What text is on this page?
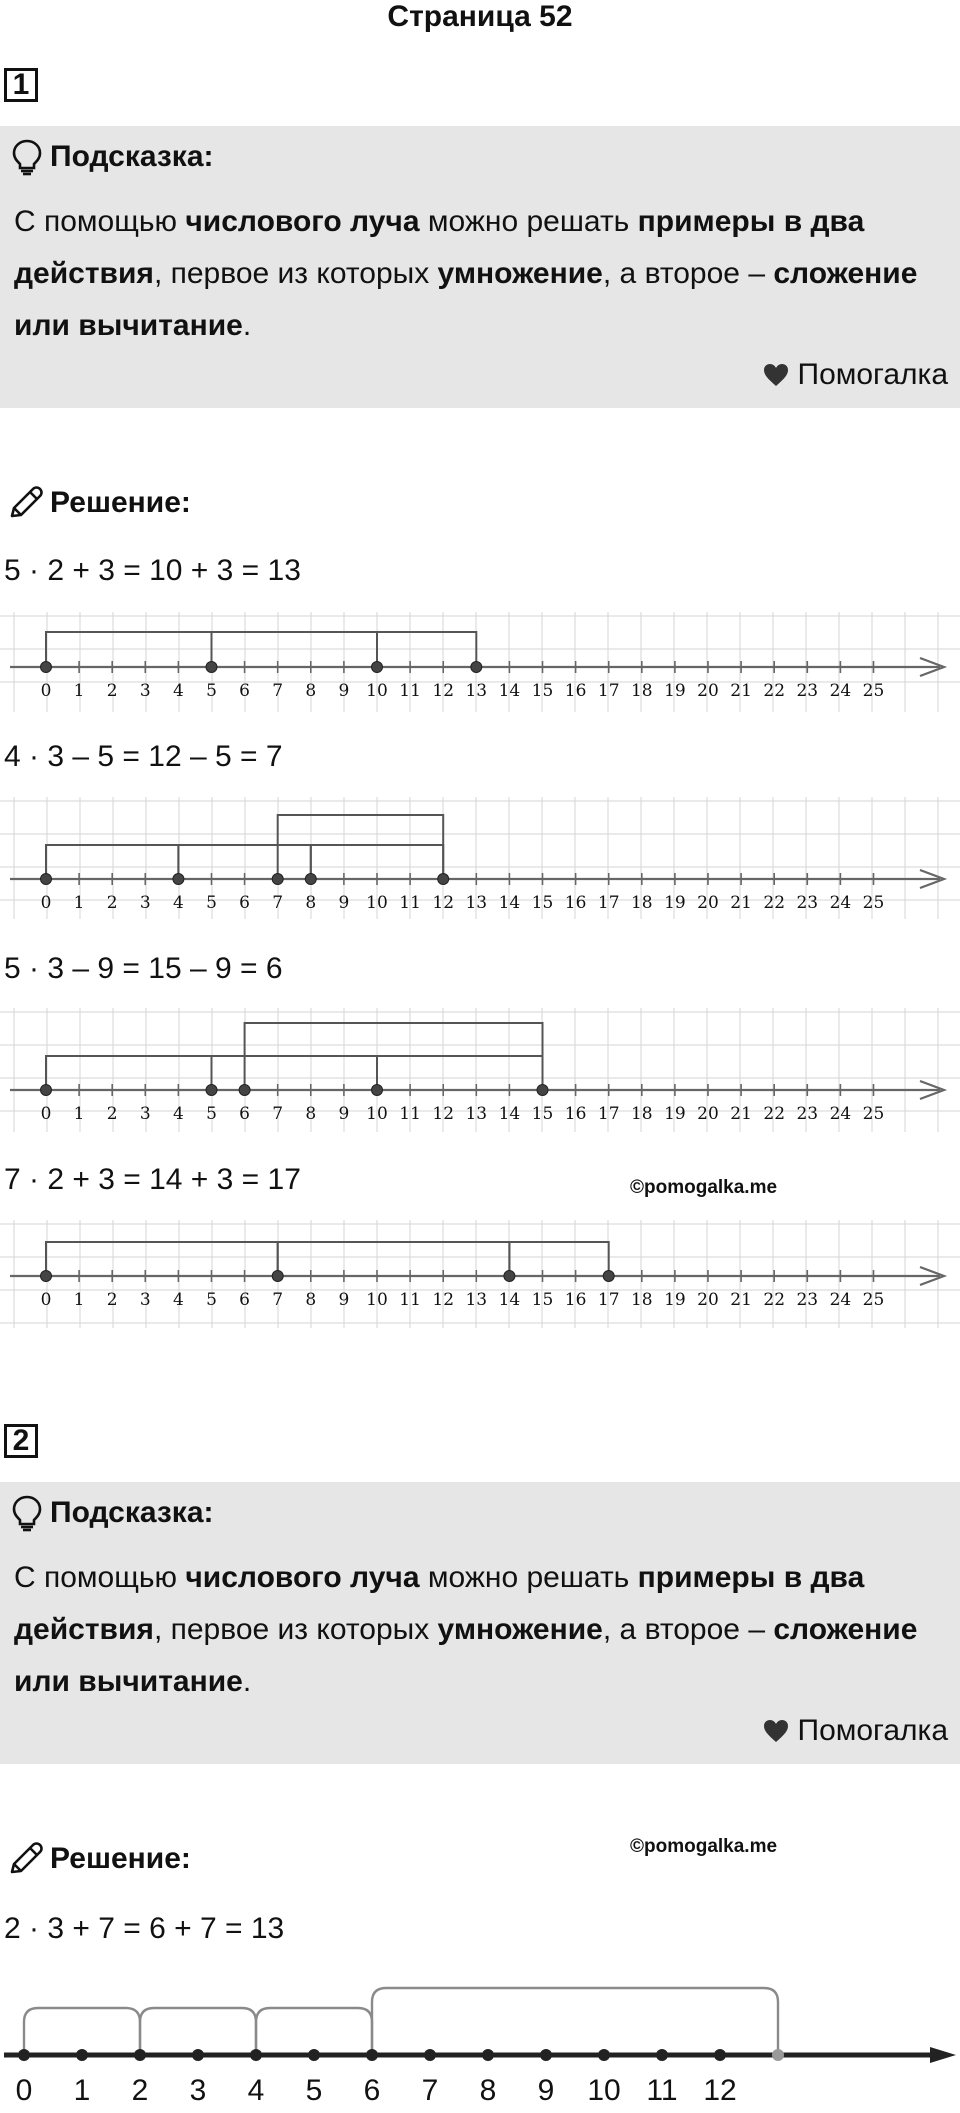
Страница 52
1
Подсказка:
С помощью числового луча можно решать примеры в два действия, первое из которых умножение, а второе – сложение или вычитание.
Помогалка
Решение:
5 · 2 + 3 = 10 + 3 = 13
0 1 2 3 4 5 6 7 8 9 10 11 12 13 14 15 16 17 18 19 20 21 22 23 24 25
4 · 3 – 5 = 12 – 5 = 7
0 1 2 3 4 5 6 7 8 9 10 11 12 13 14 15 16 17 18 19 20 21 22 23 24 25
5 · 3 – 9 = 15 – 9 = 6
0 1 2 3 4 5 6 7 8 9 10 11 12 13 14 15 16 17 18 19 20 21 22 23 24 25
7 · 2 + 3 = 14 + 3 = 17	©pomogalka.me
0 1 2 3 4 5 6 7 8 9 10 11 12 13 14 15 16 17 18 19 20 21 22 23 24 25
2
Подсказка:
С помощью числового луча можно решать примеры в два действия, первое из которых умножение, а второе – сложение или вычитание.
Помогалка
Решение:	©pomogalka.me
2 · 3 + 7 = 6 + 7 = 13
0 1 2 3 4 5 6 7 8 9 10 11 12
